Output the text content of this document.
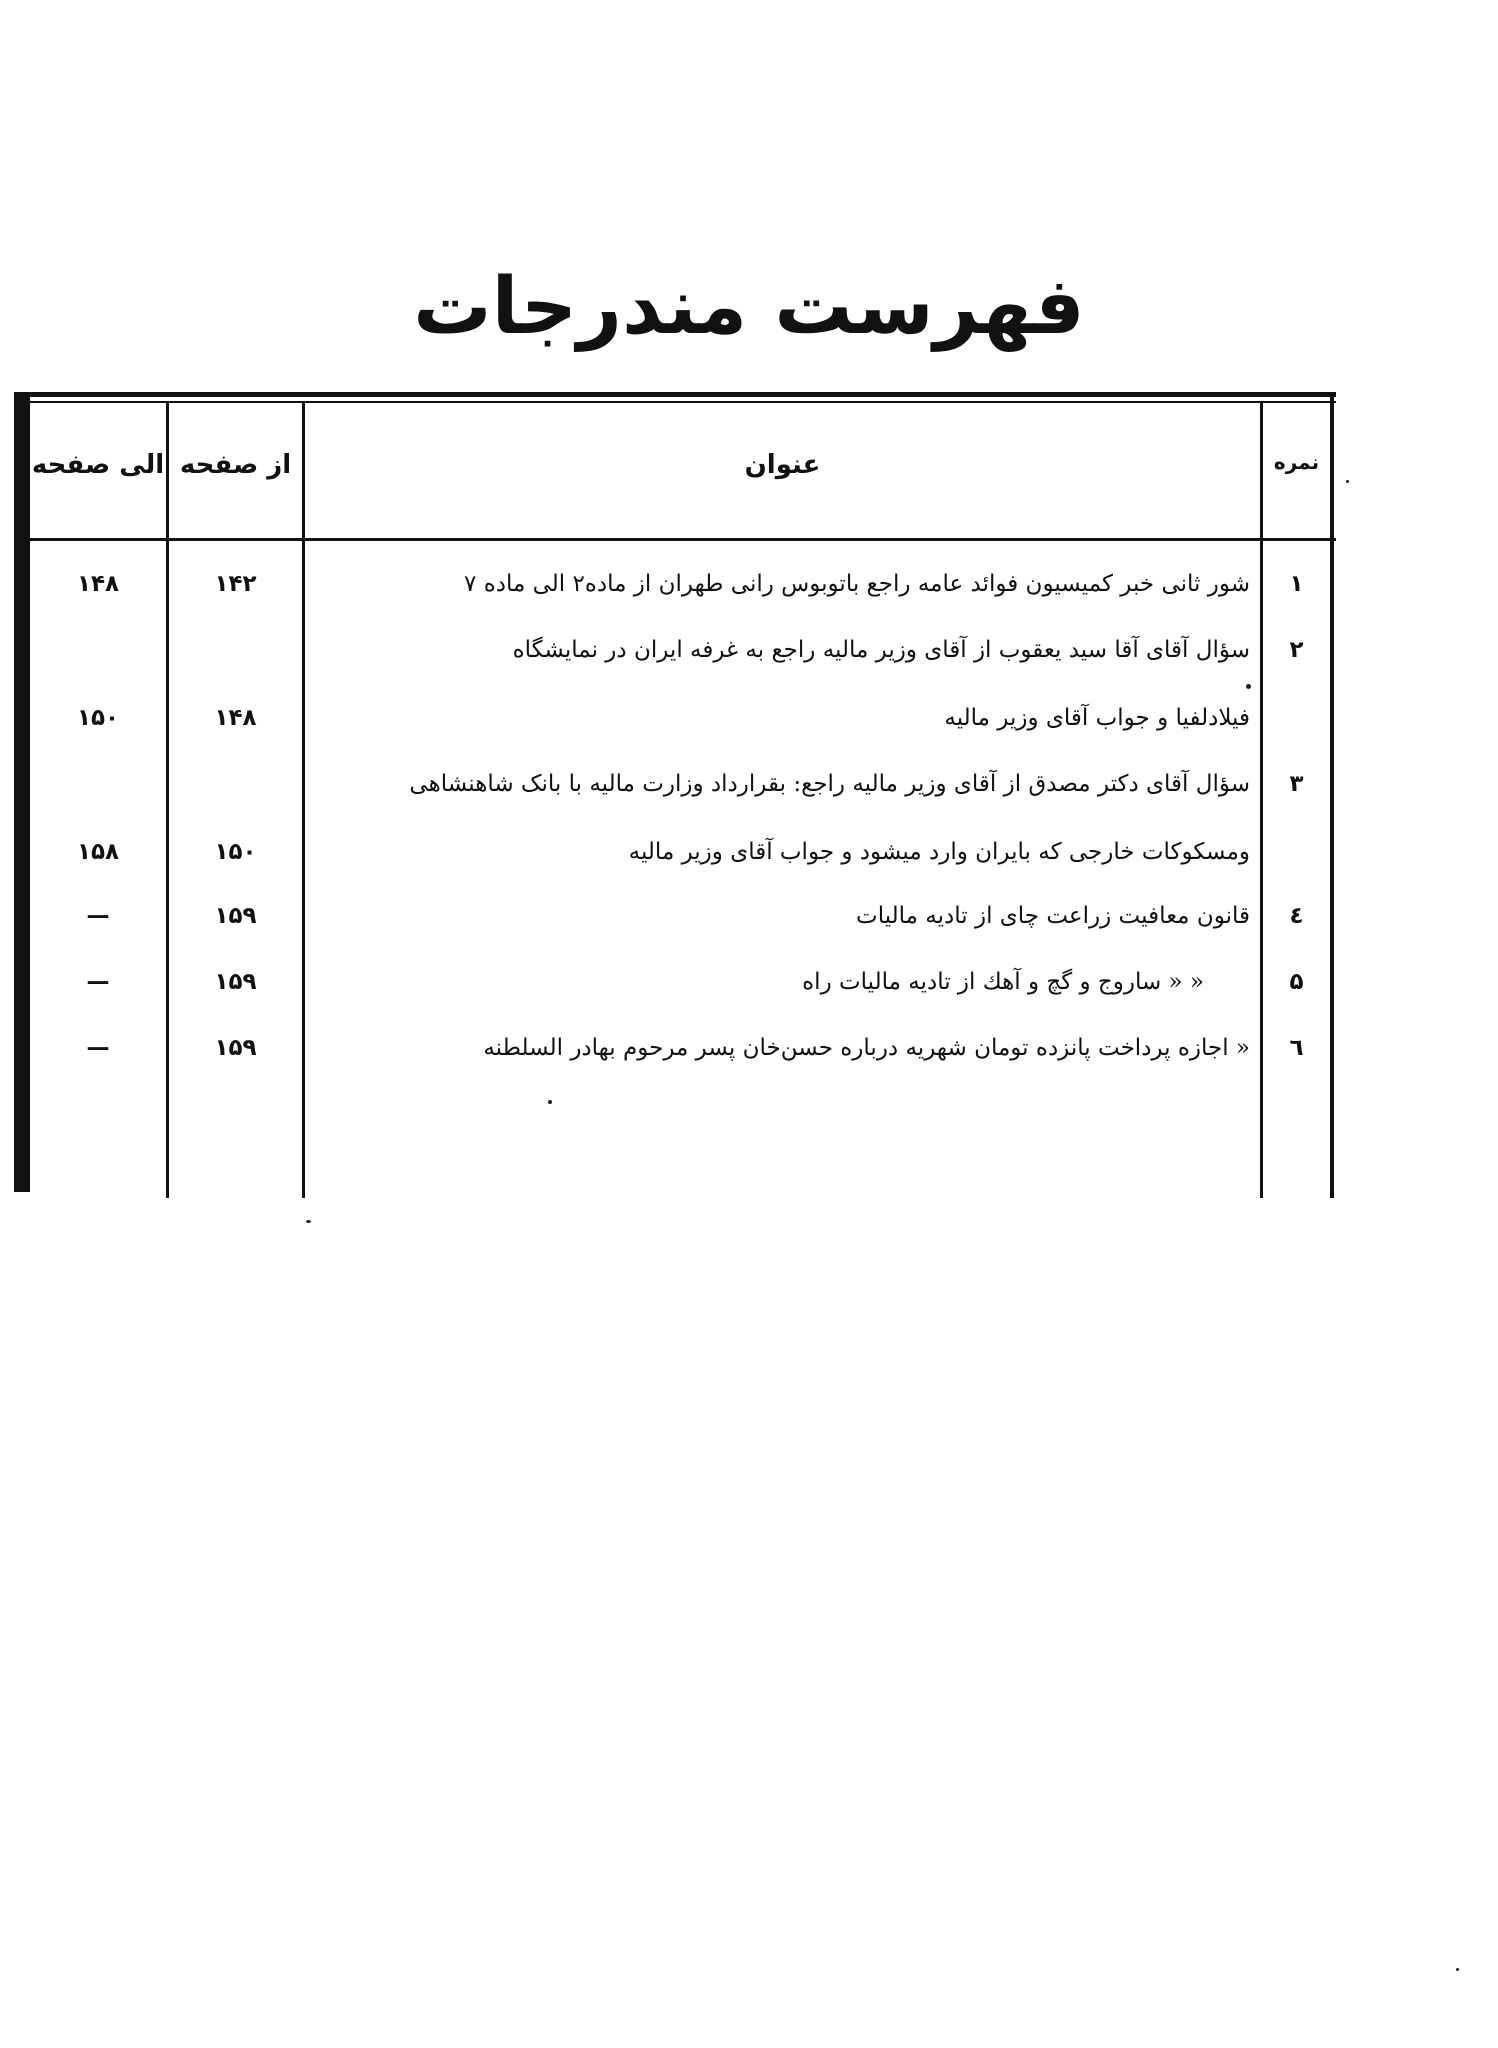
فهرست مندرجات
الی صفحه از صفحه	عنوان	نمره
۱
شور ثانی خبر کمیسیون فوائد عامه راجع باتوبوس رانی طهران از ماده۲ الی ماده ۷
۱۴۲
۱۴۸
۲
سؤال آقای آقا سید یعقوب از آقای وزیر مالیه راجع به غرفه ایران در نمایشگاه
فیلادلفیا و جواب آقای وزیر مالیه
۱۴۸
۱۵۰
۳
سؤال آقای دکتر مصدق از آقای وزیر مالیه راجع: بقرارداد وزارت مالیه با بانک شاهنشاهی
ومسکوکات خارجی که بایران وارد میشود و جواب آقای وزیر مالیه
۱۵۰
۱۵۸
٤
قانون معافیت زراعت چای از تادیه مالیات
۱۵۹
—
۵
« « ساروج و گچ و آهك از تادیه مالیات راه
۱۵۹
—
٦
« اجازه پرداخت پانزده تومان شهریه درباره حسن‌خان پسر مرحوم بهادر السلطنه
۱۵۹
—
